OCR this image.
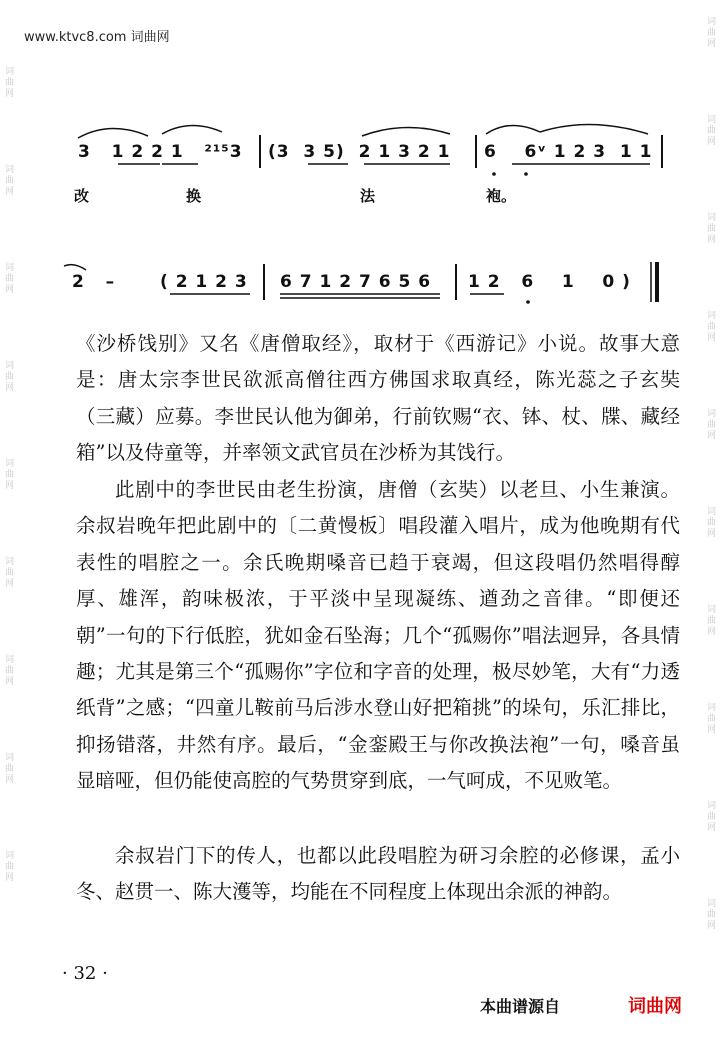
www.ktvc8.com 词曲网
词曲网
词曲网
词曲网
词曲网
词曲网
词曲网
词曲网
词曲网
词曲网
词曲网
词曲网
词曲网
词曲网
词曲网
词曲网
词曲网
词曲网
词曲网
词曲网
3   1 2 2 1   ²¹⁵3 (3  3 5)  2 1 3 2 1 6    6ᵛ 1 2 3  1 1
改	换	法	袍。
2   –	( 2 1 2 3 6 7 1 2 7 6 5 6 1 2   6    1    0 )
《沙桥饯别》又名《唐僧取经》，取材于《西游记》小说。故事大意是：唐太宗李世民欲派高僧往西方佛国求取真经，陈光蕊之子玄奘（三藏）应募。李世民认他为御弟，行前钦赐“衣、钵、杖、牒、藏经箱”以及侍童等，并率领文武官员在沙桥为其饯行。
此剧中的李世民由老生扮演，唐僧（玄奘）以老旦、小生兼演。余叔岩晚年把此剧中的〔二黄慢板〕唱段灌入唱片，成为他晚期有代表性的唱腔之一。余氏晚期嗓音已趋于衰竭，但这段唱仍然唱得醇厚、雄浑，韵味极浓，于平淡中呈现凝练、遒劲之音律。“即便还朝”一句的下行低腔，犹如金石坠海；几个“孤赐你”唱法迥异，各具情趣；尤其是第三个“孤赐你”字位和字音的处理，极尽妙笔，大有“力透纸背”之感；“四童儿鞍前马后涉水登山好把箱挑”的垛句，乐汇排比，抑扬错落，井然有序。最后，“金銮殿王与你改换法袍”一句，嗓音虽显暗哑，但仍能使高腔的气势贯穿到底，一气呵成，不见败笔。
余叔岩门下的传人，也都以此段唱腔为研习余腔的必修课，孟小冬、赵贯一、陈大濩等，均能在不同程度上体现出余派的神韵。
· 32 ·
本曲谱源自	词曲网
